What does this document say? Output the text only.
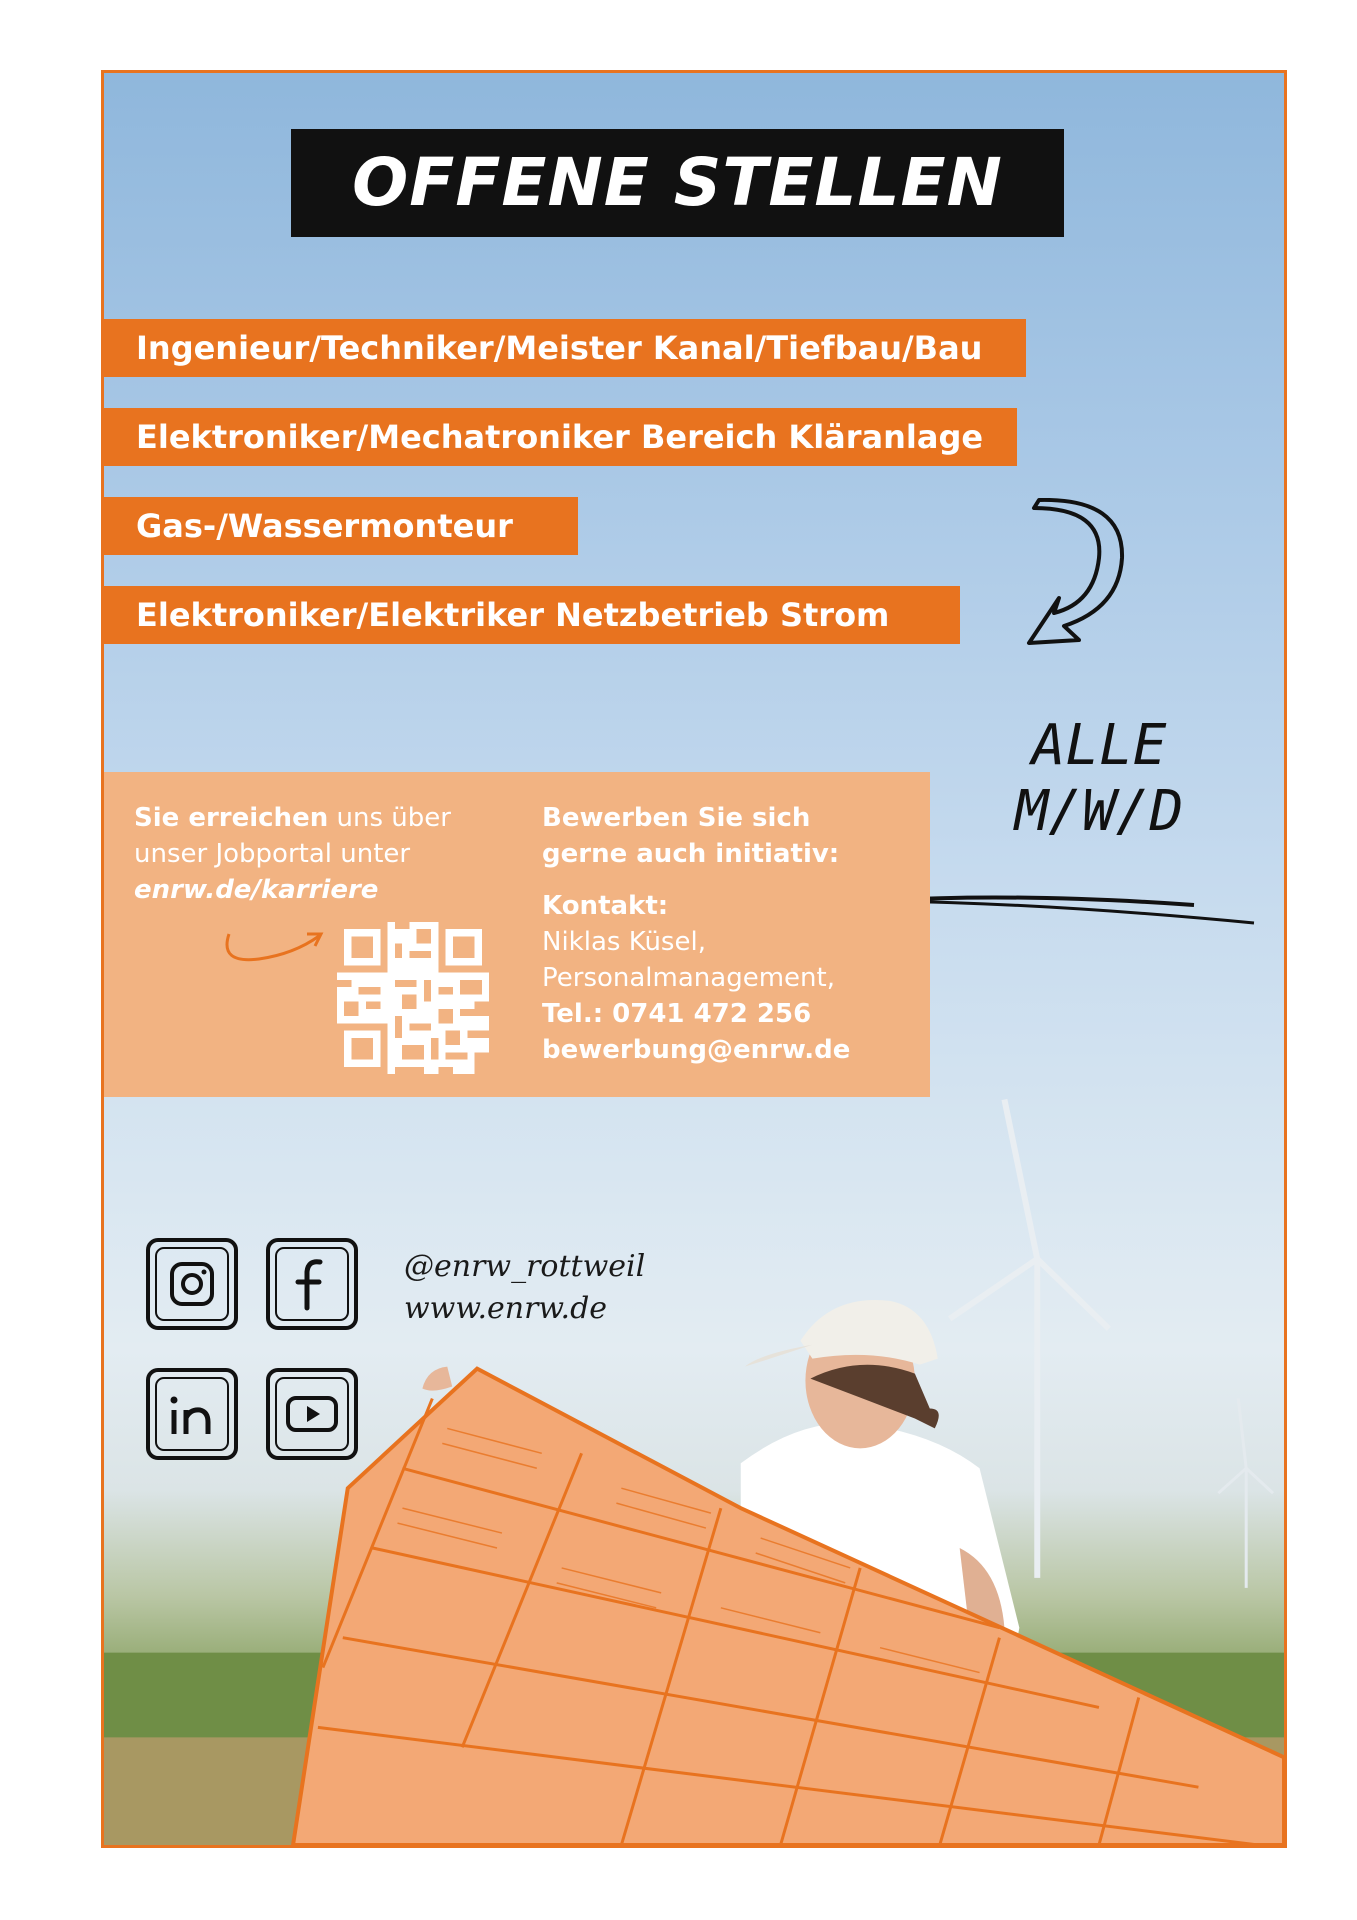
OFFENE STELLEN
Ingenieur/Techniker/Meister Kanal/Tiefbau/Bau
Elektroniker/Mechatroniker Bereich Kläranlage
Gas-/Wassermonteur
Elektroniker/Elektriker Netzbetrieb Strom
ALLE
M/W/D
Sie erreichen uns über
unser Jobportal unter
enrw.de/karriere
Bewerben Sie sich
gerne auch initiativ:
Kontakt:
Niklas Küsel,
Personalmanagement,
Tel.: 0741 472 256
bewerbung@enrw.de
@enrw_rottweil
www.enrw.de
